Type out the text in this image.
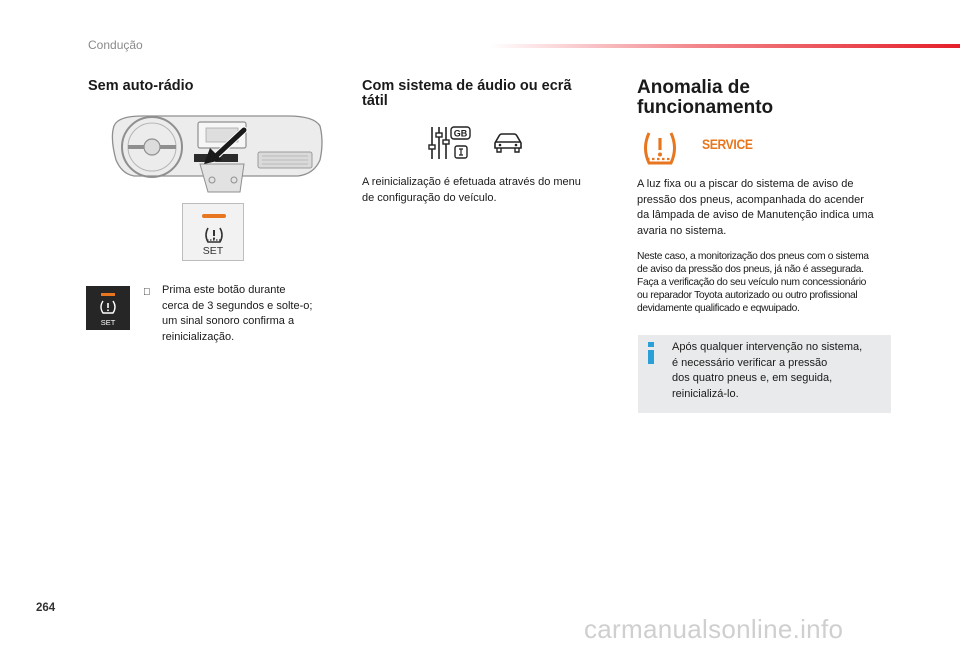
Condução
Sem auto-rádio
SET
SET
Prima este botão durante
cerca de 3 segundos e solte-o;
um sinal sonoro confirma a
reinicialização.
Com sistema de áudio ou ecrã
tátil
GB
A reinicialização é efetuada através do menu
de configuração do veículo.
Anomalia de
funcionamento
SERVICE
A luz fixa ou a piscar do sistema de aviso de
pressão dos pneus, acompanhada do acender
da lâmpada de aviso de Manutenção indica uma
avaria no sistema.
Neste caso, a monitorização dos pneus com o sistema
de aviso da pressão dos pneus, já não é assegurada.
Faça a verificação do seu veículo num concessionário
ou reparador Toyota autorizado ou outro profissional
devidamente qualificado e eqwuipado.
Após qualquer intervenção no sistema,
é necessário verificar a pressão
dos quatro pneus e, em seguida,
reinicializá-lo.
264
carmanualsonline.info
